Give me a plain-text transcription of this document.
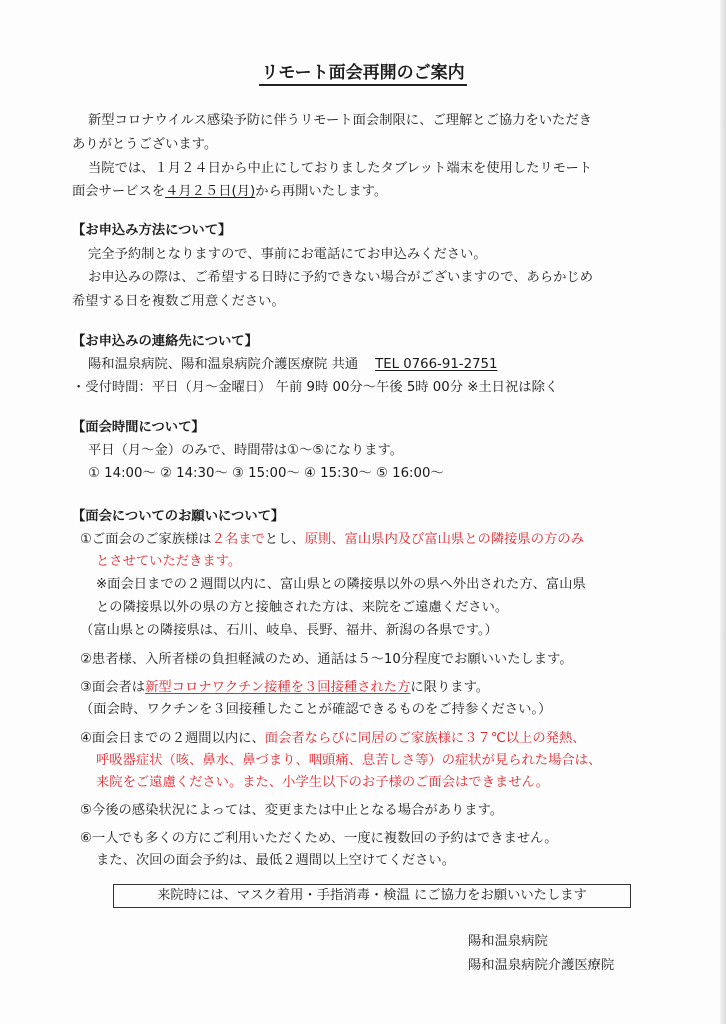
リモート面会再開のご案内
新型コロナウイルス感染予防に伴うリモート面会制限に、ご理解とご協力をいただき
ありがとうございます。
当院では、１月２４日から中止にしておりましたタブレット端末を使用したリモート
面会サービスを４月２５日(月)から再開いたします。
【お申込み方法について】
完全予約制となりますので、事前にお電話にてお申込みください。
お申込みの際は、ご希望する日時に予約できない場合がございますので、あらかじめ
希望する日を複数ご用意ください。
【お申込みの連絡先について】
陽和温泉病院、陽和温泉病院介護医療院 共通 TEL 0766-91-2751
・受付時間：平日（月～金曜日） 午前 9時 00分～午後 5時 00分 ※土日祝は除く
【面会時間について】
平日（月～金）のみで、時間帯は①～⑤になります。
① 14:00～ ② 14:30～ ③ 15:00～ ④ 15:30～ ⑤ 16:00～
【面会についてのお願いについて】
①ご面会のご家族様は２名までとし、原則、富山県内及び富山県との隣接県の方のみ
とさせていただきます。
※面会日までの２週間以内に、富山県との隣接県以外の県へ外出された方、富山県
との隣接県以外の県の方と接触された方は、来院をご遠慮ください。
（富山県との隣接県は、石川、岐阜、長野、福井、新潟の各県です。）
②患者様、入所者様の負担軽減のため、通話は５～10分程度でお願いいたします。
③面会者は新型コロナワクチン接種を３回接種された方に限ります。
（面会時、ワクチンを３回接種したことが確認できるものをご持参ください。）
④面会日までの２週間以内に、面会者ならびに同居のご家族様に３７℃以上の発熱、
呼吸器症状（咳、鼻水、鼻づまり、咽頭痛、息苦しさ等）の症状が見られた場合は、
来院をご遠慮ください。また、小学生以下のお子様のご面会はできません。
⑤今後の感染状況によっては、変更または中止となる場合があります。
⑥一人でも多くの方にご利用いただくため、一度に複数回の予約はできません。
また、次回の面会予約は、最低２週間以上空けてください。
来院時には、マスク着用・手指消毒・検温 にご協力をお願いいたします
陽和温泉病院
陽和温泉病院介護医療院
